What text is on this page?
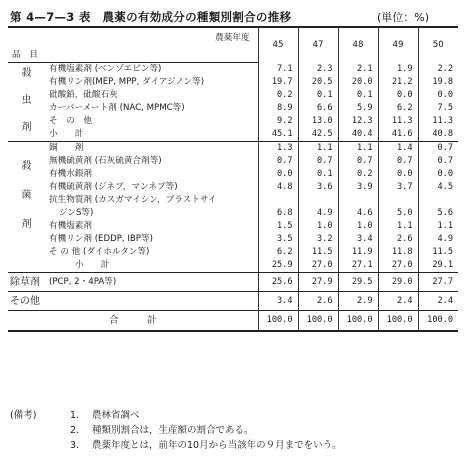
第 4—7—3 表　農薬の有効成分の種類別割合の推移	(単位：%)
農薬年度		45	47	48	49	50
品　目						

殺
虫
剤	有機塩素剤 (ベンゾエピン等)	7.1	2.3	2.1	1.9	2.2
	有機リン剤(MEP, MPP, ダイアジノン等)	19.7	20.5	20.0	21.2	19.8
	砒酸鉛，砒酸石灰	0.2	0.1	0.1	0.0	0.0
	カーバーメート剤 (NAC, MPMC等)	8.9	6.6	5.9	6.2	7.5
	そ　の　他	9.2	13.0	12.3	11.3	11.3
	小　　計	45.1	42.5	40.4	41.6	40.8

殺
菌
剤	銅　　剤	1.3	1.1	1.1	1.4	0.7
	無機硫黄剤 (石灰硫黄合剤等)	0.7	0.7	0.7	0.7	0.7
	有機水銀剤	0.0	0.1	0.2	0.0	0.0
	有機硫黄剤 (ジネブ，マンネブ等)	4.8	3.6	3.9	3.7	4.5
	抗生物質剤 (カスガマイシン，ブラストサイ					
	ジンS等)	6.8	4.9	4.6	5.0	5.6
	有機塩素剤	1.5	1.0	1.0	1.1	1.1
	有機リン剤 (EDDP, IBP等)	3.5	3.2	3.4	2.6	4.9
	そ の 他 (ダイホルタン等)	6.2	11.5	11.9	11.8	11.5
	小　　計	25.9	27.0	27.1	27.0	29.1
除草剤	(PCP, 2・4PA等)	25.6	27.9	29.5	29.0	27.7
その他		3.4	2.6	2.9	2.4	2.4
合　　　計		100.0	100.0	100.0	100.0	100.0
(備考)	1.	農林省調べ
2.	種類別割合は，生産額の割合である。
3.	農薬年度とは，前年の10月から当該年の９月までをいう。
